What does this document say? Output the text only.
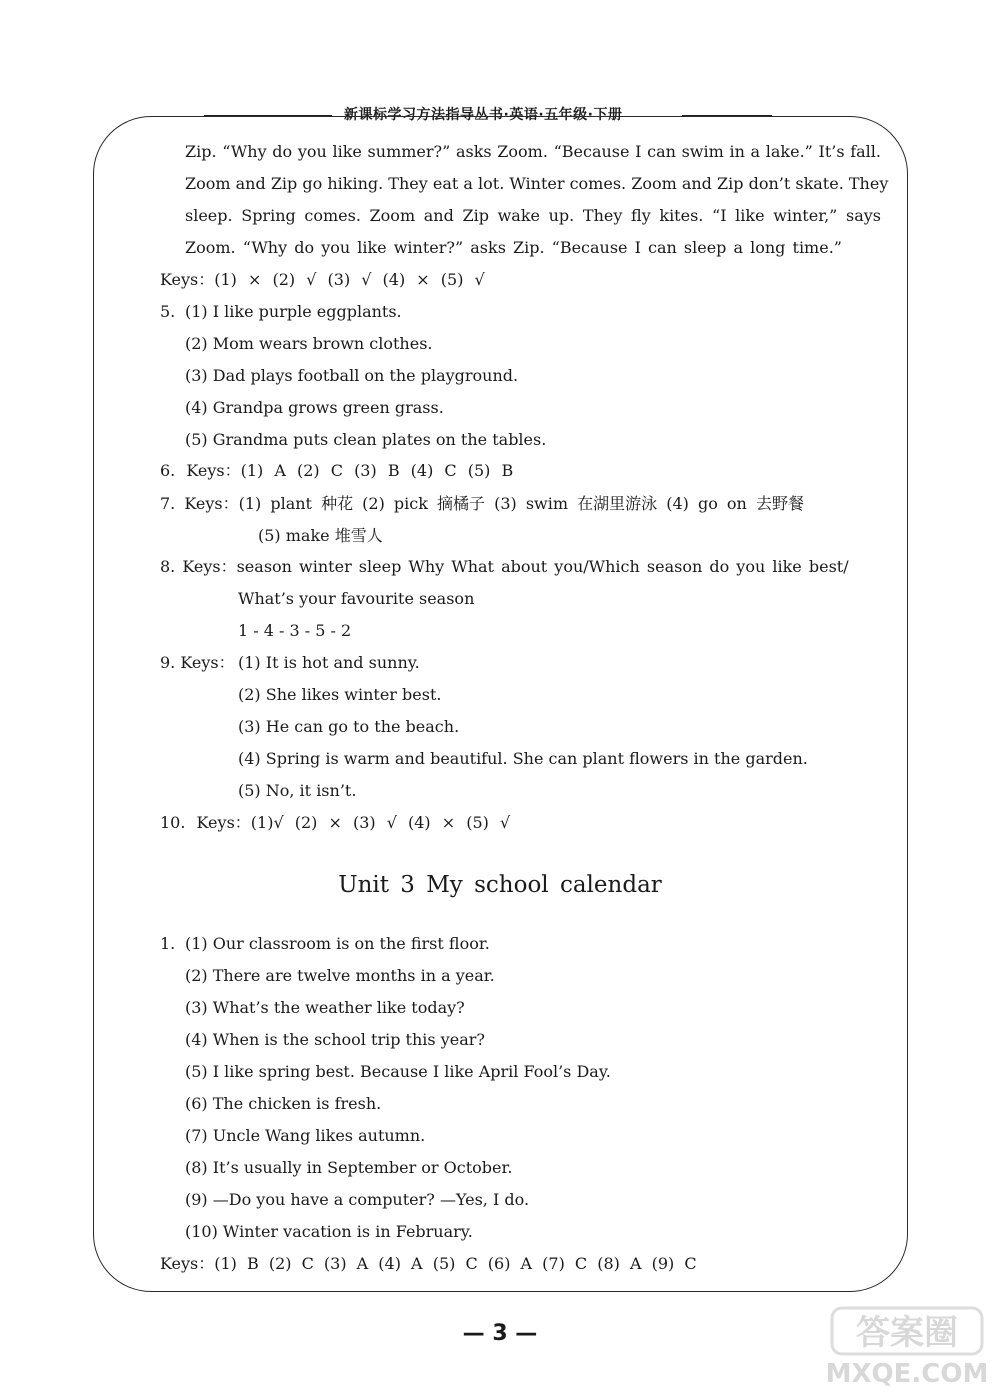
新课标学习方法指导丛书·英语·五年级·下册
Zip. “Why do you like summer?” asks Zoom. “Because I can swim in a lake.” It’s fall.
Zoom and Zip go hiking. They eat a lot. Winter comes. Zoom and Zip don’t skate. They
sleep. Spring comes. Zoom and Zip wake up. They fly kites. “I like winter,” says
Zoom. “Why do you like winter?” asks Zip. “Because I can sleep a long time.”
Keys：(1) × (2) √ (3) √ (4) × (5) √
5. (1) I like purple eggplants.
(2) Mom wears brown clothes.
(3) Dad plays football on the playground.
(4) Grandpa grows green grass.
(5) Grandma puts clean plates on the tables.
6. Keys：(1) A (2) C (3) B (4) C (5) B
7. Keys：(1) plant 种花 (2) pick 摘橘子 (3) swim 在湖里游泳 (4) go on 去野餐
(5) make 堆雪人
8. Keys：season winter sleep Why What about you/Which season do you like best/
What’s your favourite season
1 - 4 - 3 - 5 - 2
9. Keys： (1) It is hot and sunny.
(2) She likes winter best.
(3) He can go to the beach.
(4) Spring is warm and beautiful. She can plant flowers in the garden.
(5) No, it isn’t.
10. Keys：(1)√ (2) × (3) √ (4) × (5) √
Unit 3 My school calendar
1. (1) Our classroom is on the first floor.
(2) There are twelve months in a year.
(3) What’s the weather like today?
(4) When is the school trip this year?
(5) I like spring best. Because I like April Fool’s Day.
(6) The chicken is fresh.
(7) Uncle Wang likes autumn.
(8) It’s usually in September or October.
(9) —Do you have a computer? —Yes, I do.
(10) Winter vacation is in February.
Keys：(1) B (2) C (3) A (4) A (5) C (6) A (7) C (8) A (9) C
— 3 —	答案圈
MXQE.COM
